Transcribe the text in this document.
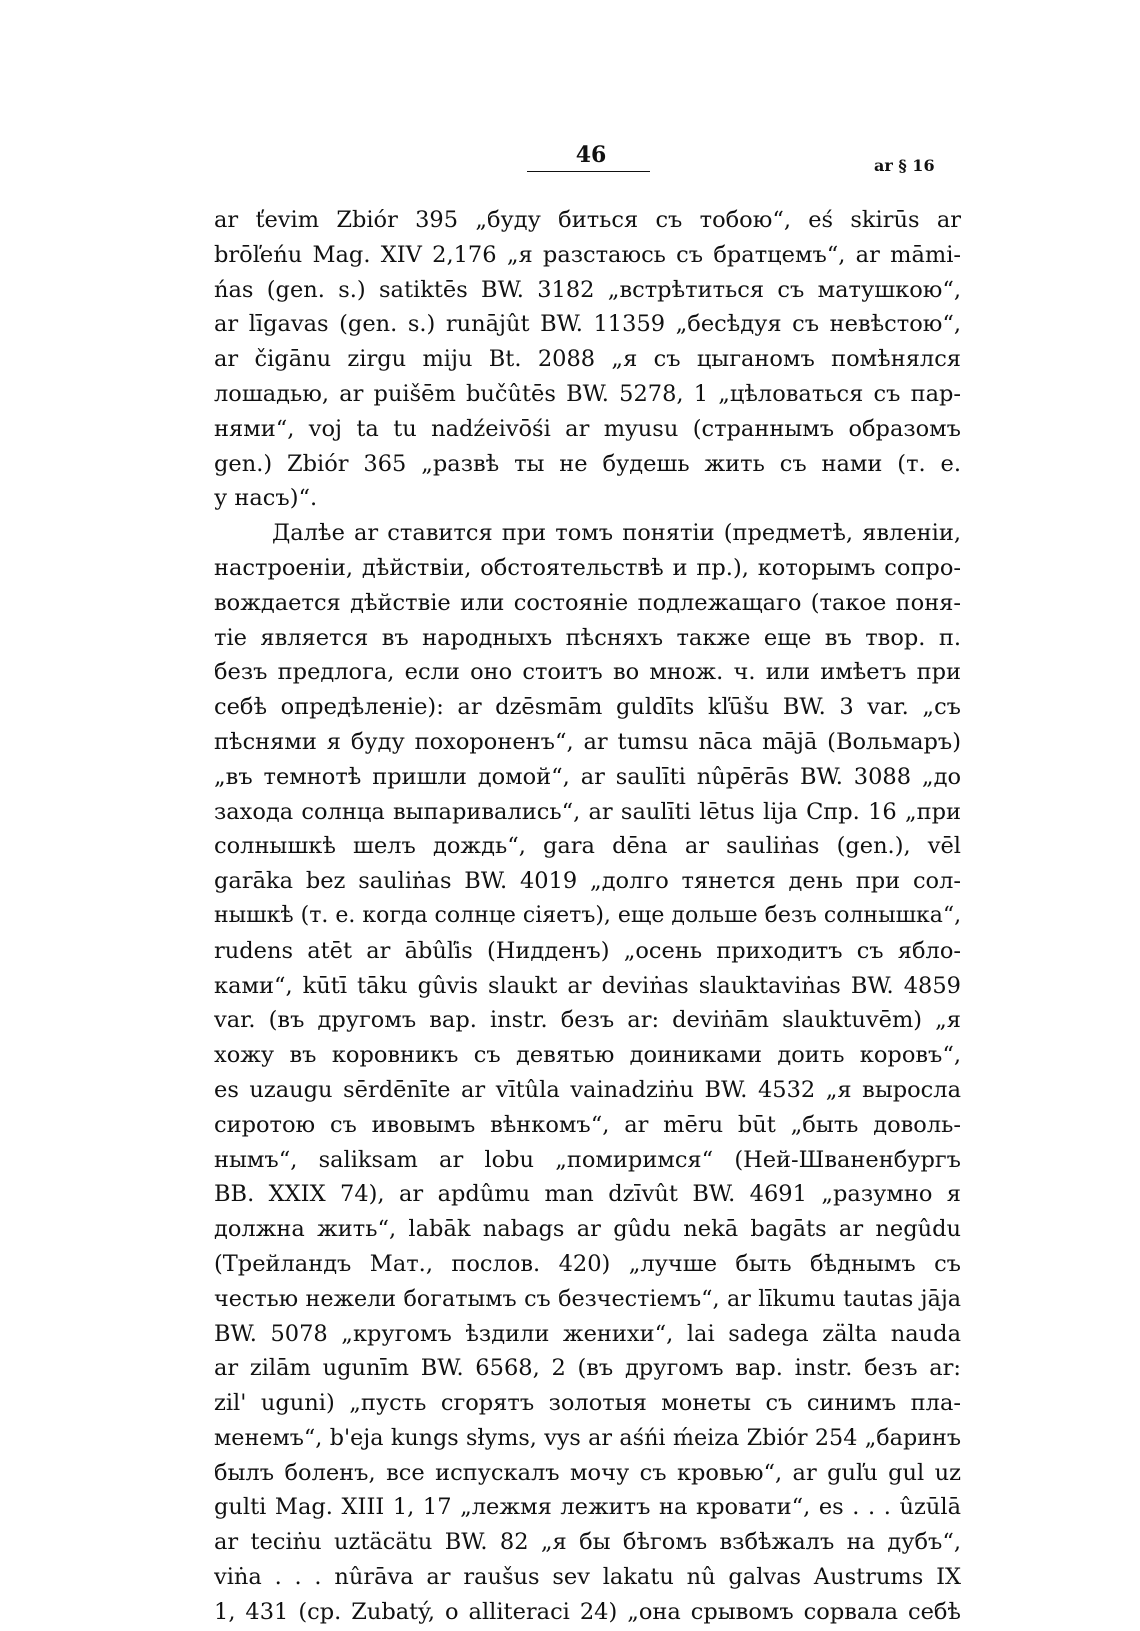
46	ar § 16
ar ťevim Zbiór 395 „буду биться съ тобою“, eś skirūs ar
brōľeńu Mag. XIV 2,176 „я разстаюсь съ братцемъ“, ar māmi-
ńas (gen. s.) satiktēs BW. 3182 „встрѣтиться съ матушкою“,
ar līgavas (gen. s.) runājût BW. 11359 „бесѣдуя съ невѣстою“,
ar čigānu zirgu miju Bt. 2088 „я съ цыганомъ помѣнялся
лошадью, ar puišēm bučûtēs BW. 5278, 1 „цѣловаться съ пар-
нями“, voj ta tu nadźeivōśi ar myusu (страннымъ образомъ
gen.) Zbiór 365 „развѣ ты не будешь жить съ нами (т. е.
у насъ)“.
Далѣе ar ставится при томъ понятіи (предметѣ, явленіи,
настроеніи, дѣйствіи, обстоятельствѣ и пр.), которымъ сопро-
вождается дѣйствіе или состояніе подлежащаго (такое поня-
тіе является въ народныхъ пѣсняхъ также еще въ твор. п.
безъ предлога, если оно стоитъ во множ. ч. или имѣетъ при
себѣ опредѣленіе): ar dzēsmām guldīts kľūšu BW. 3 var. „съ
пѣснями я буду похороненъ“, ar tumsu nāca mājā (Вольмаръ)
„въ темнотѣ пришли домой“, ar saulīti nûpērās BW. 3088 „до
захода солнца выпаривались“, ar saulīti lētus lija Спр. 16 „при
солнышкѣ шелъ дождь“, gara dēna ar sauliṅas (gen.), vēl
garāka bez sauliṅas BW. 4019 „долго тянется день при сол-
нышкѣ (т. е. когда солнце сіяетъ), еще дольше безъ солнышка“,
rudens atēt ar ābûľis (Нидденъ) „осень приходитъ съ ябло-
ками“, kūtī tāku gûvis slaukt ar deviṅas slauktaviṅas BW. 4859
var. (въ другомъ вар. instr. безъ ar: deviṅām slauktuvēm) „я
хожу въ коровникъ съ девятью доиниками доить коровъ“,
es uzaugu sērdēnīte ar vītûla vainadziṅu BW. 4532 „я выросла
сиротою съ ивовымъ вѣнкомъ“, ar mēru būt „быть доволь-
нымъ“, saliksam ar lobu „помиримся“ (Ней-Шваненбургъ
BB. XXIX 74), ar apdûmu man dzīvût BW. 4691 „разумно я
должна жить“, labāk nabags ar gûdu nekā bagāts ar negûdu
(Трейландъ Мат., послов. 420) „лучше быть бѣднымъ съ
честью нежели богатымъ съ безчестіемъ“, ar līkumu tautas jāja
BW. 5078 „кругомъ ѣздили женихи“, lai sadega zälta nauda
ar zilām ugunīm BW. 6568, 2 (въ другомъ вар. instr. безъ ar:
zil' uguni) „пусть сгорятъ золотыя монеты съ синимъ пла-
менемъ“, b'eja kungs słyms, vys ar aśńi ḿeiza Zbiór 254 „баринъ
былъ боленъ, все испускалъ мочу съ кровью“, ar guľu gul uz
gulti Mag. XIII 1, 17 „лежмя лежитъ на кровати“, es . . . ûzūlā
ar teciṅu uztäcätu BW. 82 „я бы бѣгомъ взбѣжалъ на дубъ“,
viṅa . . . nûrāva ar raušus sev lakatu nû galvas Austrums IX
1, 431 (ср. Zubatý, o alliteraci 24) „она срывомъ сорвала себѣ
